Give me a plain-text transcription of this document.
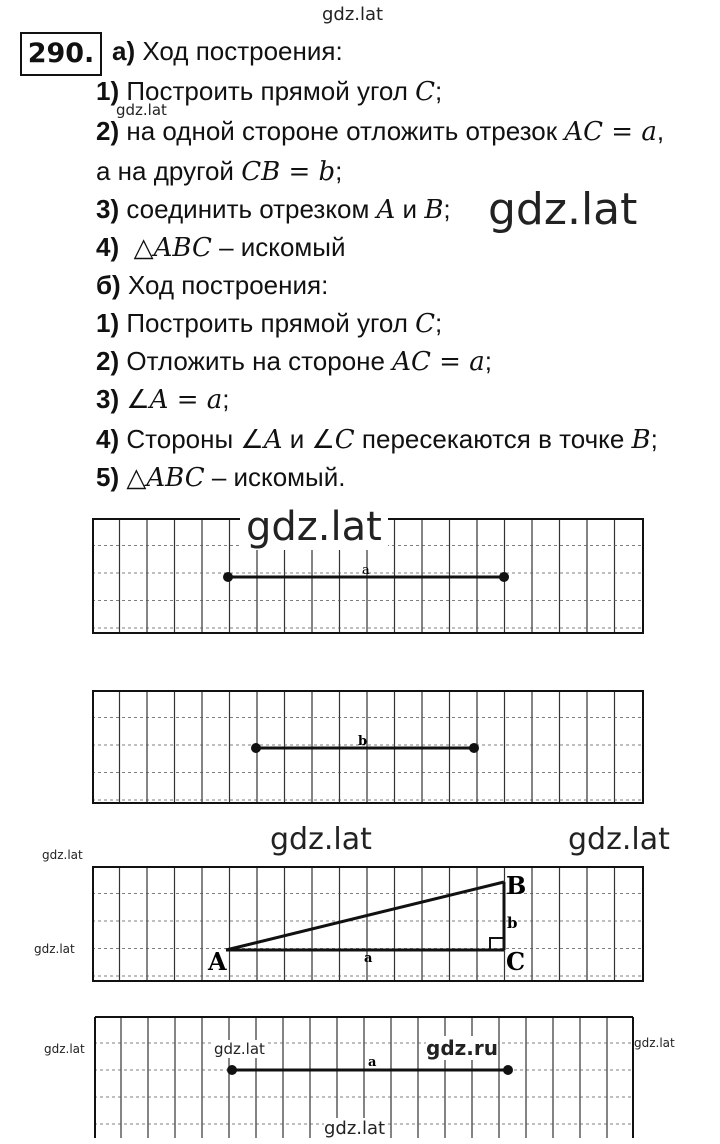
gdz.lat
gdz.lat
gdz.lat
290. а) Ход построения:
1) Построить прямой угол C;
2) на одной стороне отложить отрезок AC = a,
а на другой CB = b;
3) соединить отрезком A и B;
4) △ABC – искомый
б) Ход построения:
1) Построить прямой угол C;
2) Отложить на стороне AC = a;
3) ∠A = a;
4) Стороны ∠A и ∠C пересекаются в точке B;
5) △ABC – искомый.
a
gdz.lat
b
gdz.lat	gdz.lat
gdz.lat
gdz.lat	A
B
C
a
b
a
gdz.lat	gdz.lat	gdz.ru	gdz.lat
gdz.lat
